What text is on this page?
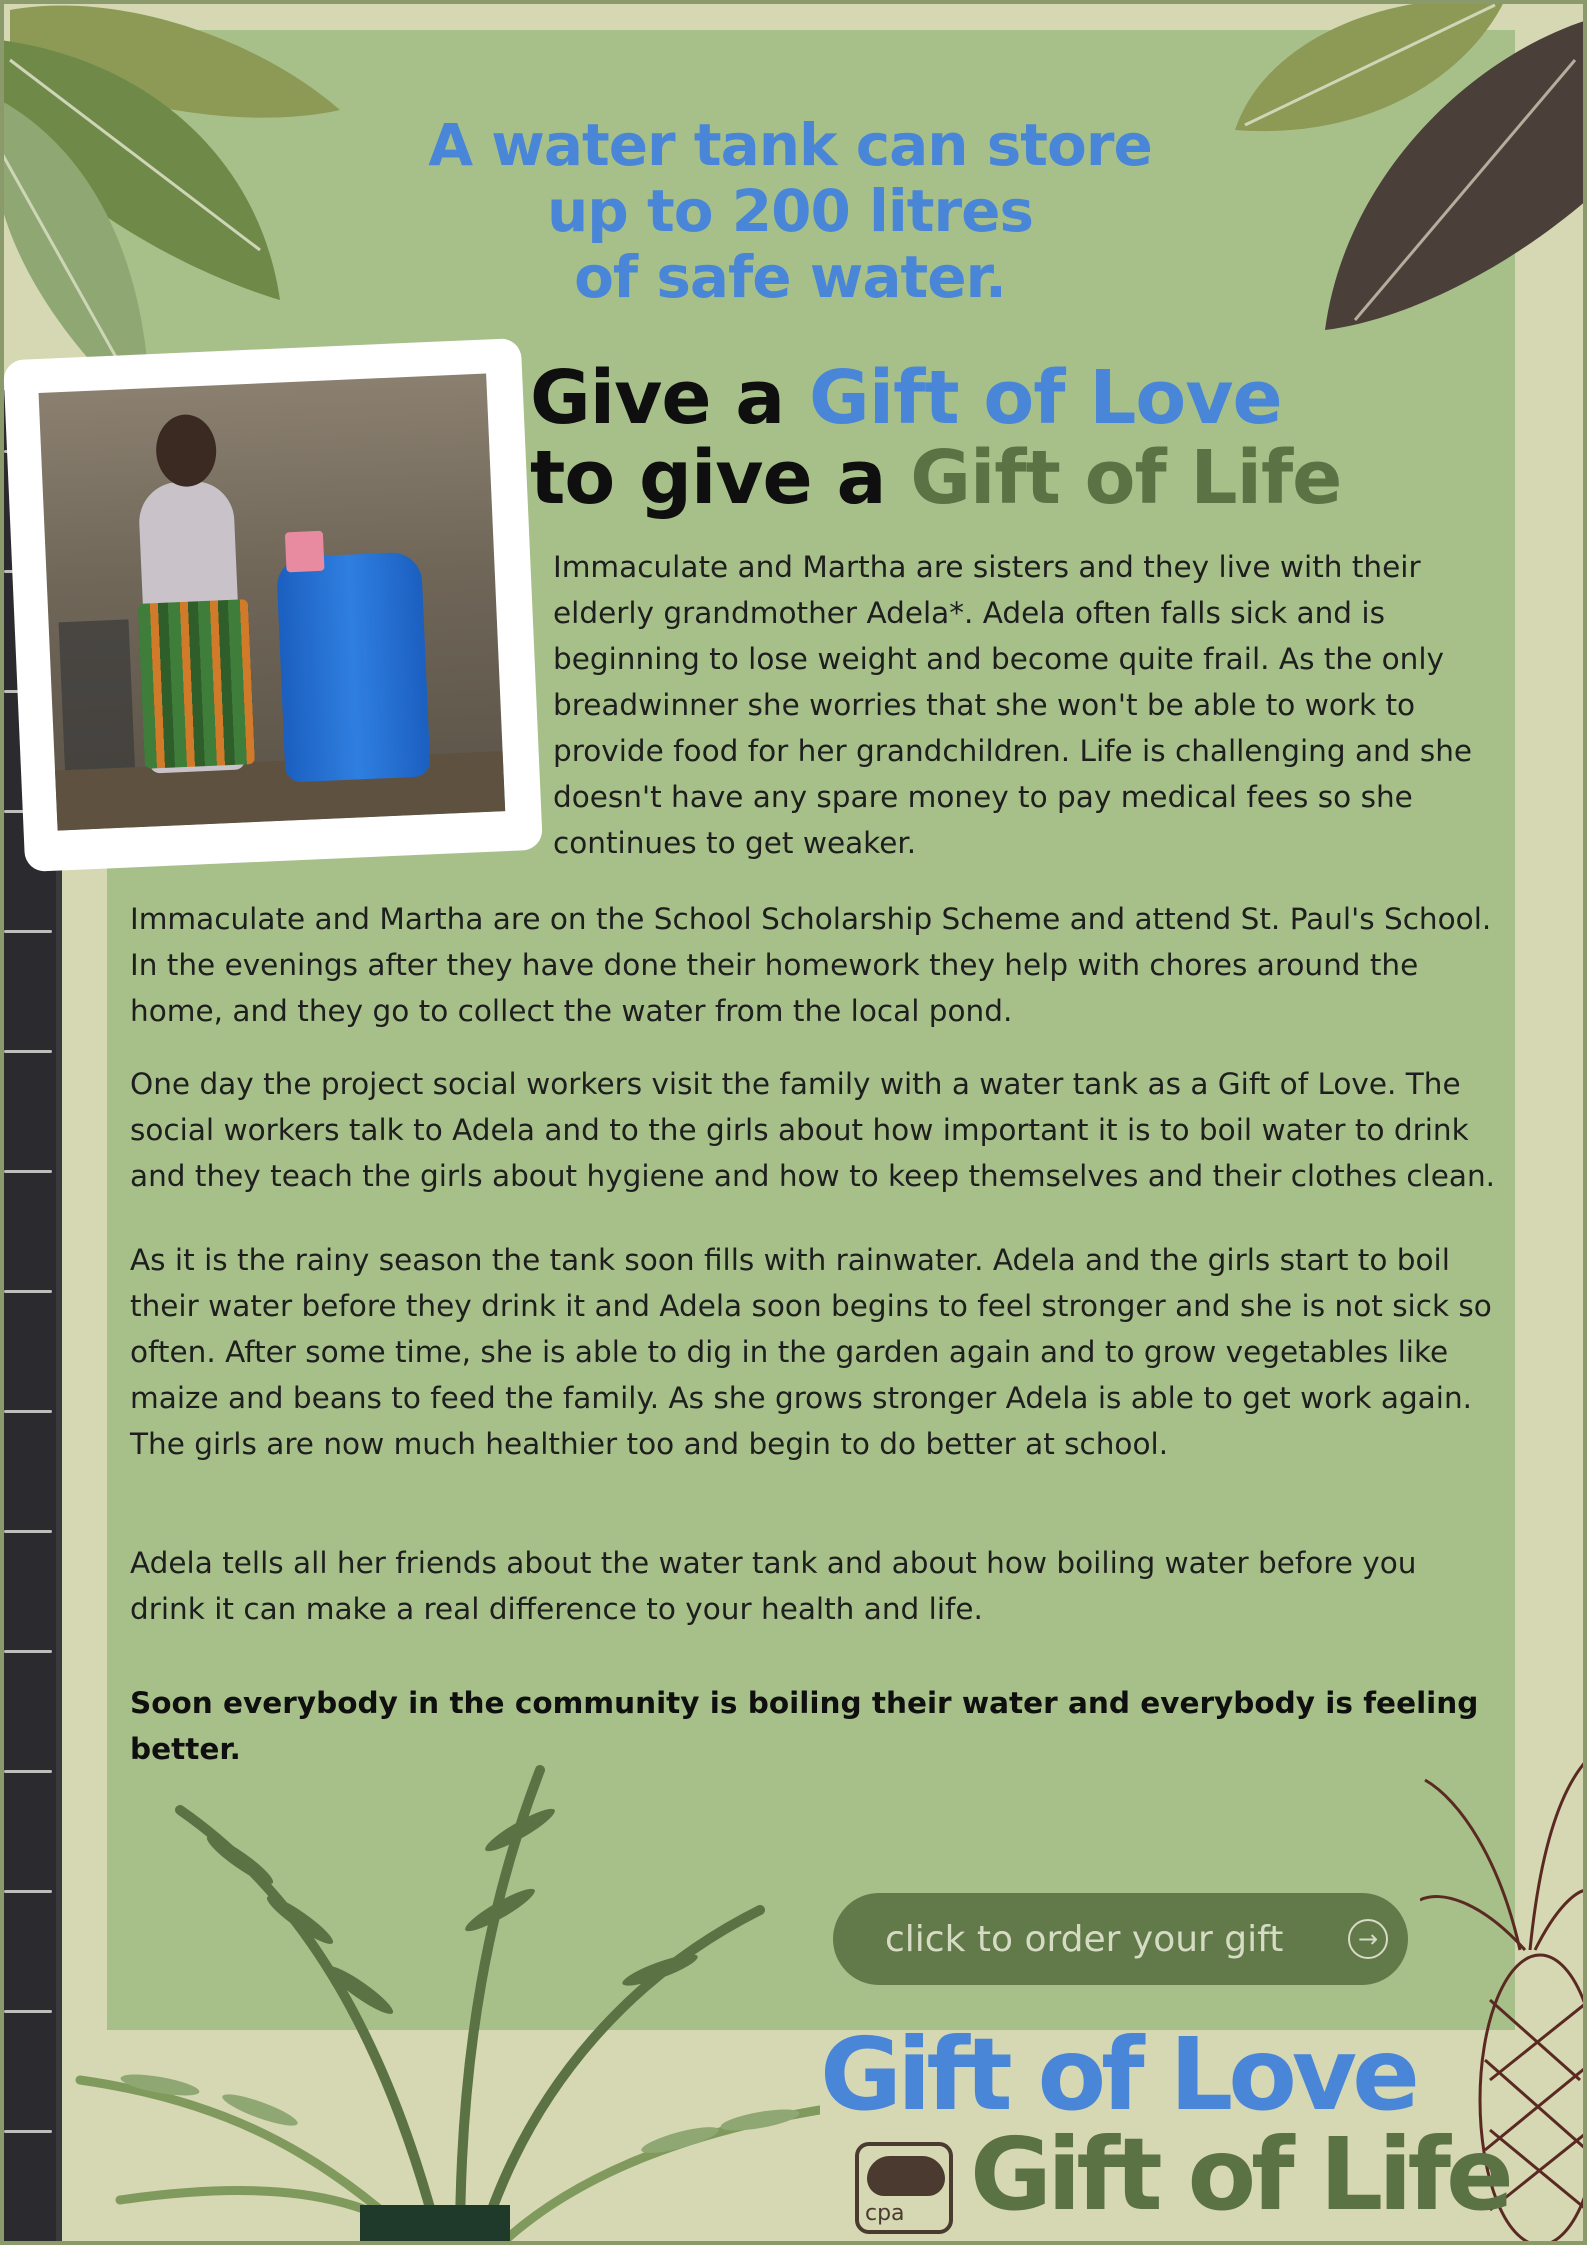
A water tank can store
up to 200 litres
of safe water.
Give a Gift of Love
to give a Gift of Life
Immaculate and Martha are sisters and they live with their elderly grandmother Adela*. Adela often falls sick and is beginning to lose weight and become quite frail. As the only breadwinner she worries that she won't be able to work to provide food for her grandchildren. Life is challenging and she doesn't have any spare money to pay medical fees so she continues to get weaker.
Immaculate and Martha are on the School Scholarship Scheme and attend St. Paul's School. In the evenings after they have done their homework they help with chores around the home, and they go to collect the water from the local pond.
One day the project social workers visit the family with a water tank as a Gift of Love. The social workers talk to Adela and to the girls about how important it is to boil water to drink and they teach the girls about hygiene and how to keep themselves and their clothes clean.
As it is the rainy season the tank soon fills with rainwater. Adela and the girls start to boil their water before they drink it and Adela soon begins to feel stronger and she is not sick so often. After some time, she is able to dig in the garden again and to grow vegetables like maize and beans to feed the family. As she grows stronger Adela is able to get work again. The girls are now much healthier too and begin to do better at school.
Adela tells all her friends about the water tank and about how boiling water before you drink it can make a real difference to your health and life.
Soon everybody in the community is boiling their water and everybody is feeling better.
click to order your gift	→
Gift of Love
cpa Gift of Life
